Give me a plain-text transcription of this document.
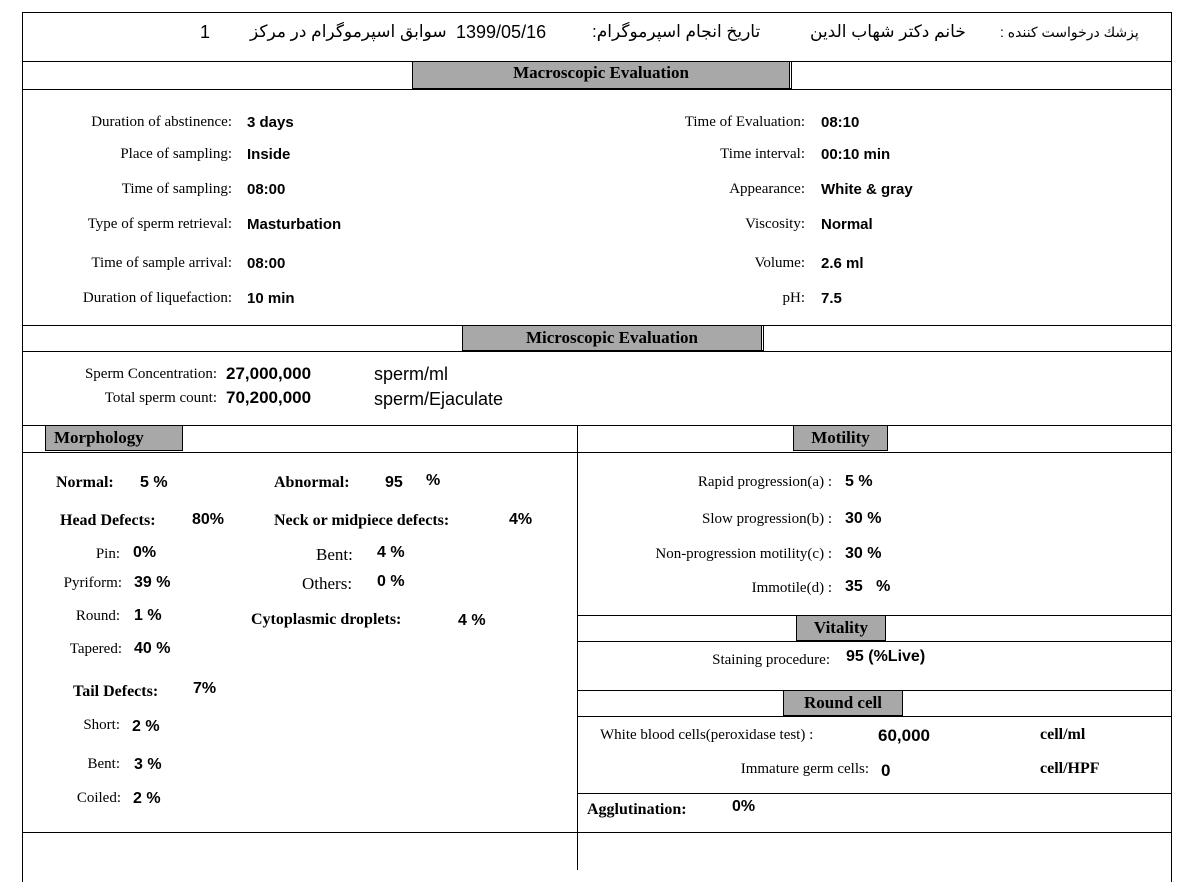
پزشك درخواست كننده :
خانم دکتر شهاب الدين
تاريخ انجام اسپرموگرام:
1399/05/16
سوابق اسپرموگرام در مركز
1
Macroscopic Evaluation
Duration of abstinence: 3 days
Place of sampling: Inside
Time of sampling: 08:00
Type of sperm retrieval: Masturbation
Time of sample arrival: 08:00
Duration of liquefaction: 10 min
Time of Evaluation: 08:10
Time interval: 00:10 min
Appearance: White & gray
Viscosity: Normal
Volume: 2.6 ml
pH: 7.5
Microscopic Evaluation
Sperm Concentration: 27,000,000	sperm/ml
Total sperm count: 70,200,000	sperm/Ejaculate
Morphology	Motility
Normal: 5 %	Abnormal: 95 %
Head Defects: 80%	Neck or midpiece defects:	4%
Pin: 0%	Bent: 4 %
Pyriform: 39 %	Others: 0 %
Round: 1 %	Cytoplasmic droplets:	4 %
Tapered: 40 %
Tail Defects: 7%
Short: 2 %
Bent: 3 %
Coiled: 2 %
Rapid progression(a) : 5 %
Slow progression(b) : 30 %
Non-progression motility(c) : 30 %
Immotile(d) : 35   %
Vitality
Staining procedure: 95 (%Live)
Round cell
White blood cells(peroxidase test) :	60,000	cell/ml
Immature germ cells: 0	cell/HPF
Agglutination:	0%
